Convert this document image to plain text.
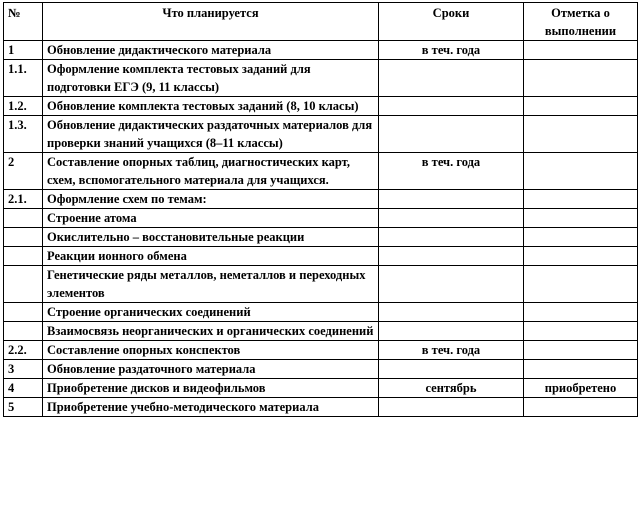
№	Что планируется	Сроки	Отметка о выполнении
1	Обновление дидактического материала	в теч. года	
1.1.	Оформление комплекта тестовых заданий для подготовки ЕГЭ (9, 11 классы)		
1.2.	Обновление комплекта тестовых заданий (8, 10 класы)		
1.3.	Обновление дидактических раздаточных материалов для проверки знаний учащихся (8–11 классы)		
2	Составление опорных таблиц, диагностических карт, схем, вспомогательного материала для учащихся.	в теч. года	
2.1.	Оформление схем по темам:		
	Строение атома		
	Окислительно – восстановительные реакции		
	Реакции ионного обмена		
	Генетические ряды металлов, неметаллов и переходных элементов		
	Строение органических соединений		
	Взаимосвязь неорганических и органических соединений		
2.2.	Составление опорных конспектов	в теч. года	
3	Обновление раздаточного материала		
4	Приобретение дисков и видеофильмов	сентябрь	приобретено
5	Приобретение учебно-методического материала		
